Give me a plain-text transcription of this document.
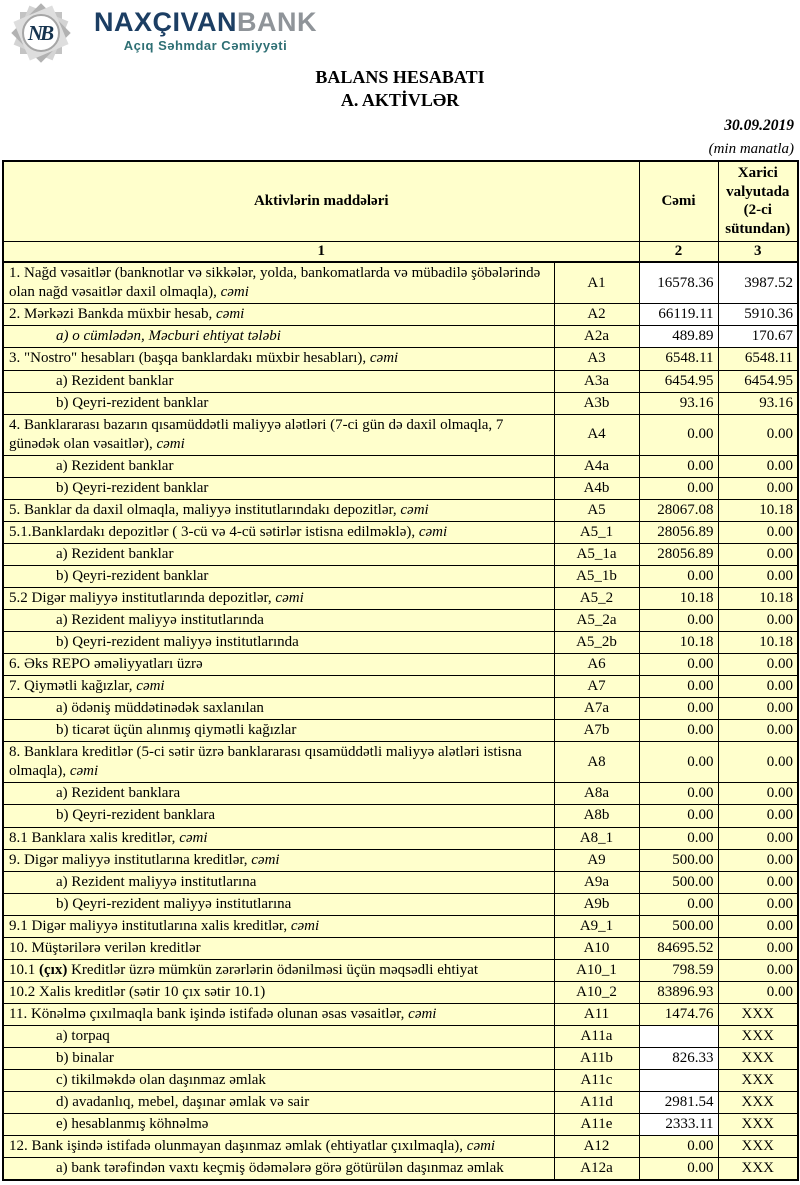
NB	NAXÇIVANBANK
Açıq Səhmdar Cəmiyyəti
BALANS HESABATI
A. AKTİVLƏR
30.09.2019
(min manatla)
Aktivlərin maddələri		Cəmi	Xarici valyutada (2-ci sütundan)
1		2	3
1. Nağd vəsaitlər (banknotlar və sikkələr, yolda, bankomatlarda və mübadilə şöbələrində olan nağd vəsaitlər daxil olmaqla), cəmi	A1	16578.36	3987.52
2. Mərkəzi Bankda müxbir hesab, cəmi	A2	66119.11	5910.36
a) o cümlədən, Məcburi ehtiyat tələbi	A2a	489.89	170.67
3. "Nostro" hesabları (başqa banklardakı müxbir hesabları), cəmi	A3	6548.11	6548.11
a) Rezident banklar	A3a	6454.95	6454.95
b) Qeyri-rezident banklar	A3b	93.16	93.16
4. Banklararası bazarın qısamüddətli maliyyə alətləri (7-ci gün də daxil olmaqla, 7 günədək olan vəsaitlər), cəmi	A4	0.00	0.00
a) Rezident banklar	A4a	0.00	0.00
b) Qeyri-rezident banklar	A4b	0.00	0.00
5. Banklar da daxil olmaqla, maliyyə institutlarındakı depozitlər, cəmi	A5	28067.08	10.18
5.1.Banklardakı depozitlər ( 3-cü və 4-cü sətirlər istisna edilməklə), cəmi	A5_1	28056.89	0.00
a) Rezident banklar	A5_1a	28056.89	0.00
b) Qeyri-rezident banklar	A5_1b	0.00	0.00
5.2 Digər maliyyə institutlarında depozitlər, cəmi	A5_2	10.18	10.18
a) Rezident maliyyə institutlarında	A5_2a	0.00	0.00
b) Qeyri-rezident maliyyə institutlarında	A5_2b	10.18	10.18
6. Əks REPO əməliyyatları üzrə	A6	0.00	0.00
7. Qiymətli kağızlar, cəmi	A7	0.00	0.00
a) ödəniş müddətinədək saxlanılan	A7a	0.00	0.00
b) ticarət üçün alınmış qiymətli kağızlar	A7b	0.00	0.00
8. Banklara kreditlər (5-ci sətir üzrə banklararası qısamüddətli maliyyə alətləri istisna olmaqla), cəmi	A8	0.00	0.00
a) Rezident banklara	A8a	0.00	0.00
b) Qeyri-rezident banklara	A8b	0.00	0.00
8.1 Banklara xalis kreditlər, cəmi	A8_1	0.00	0.00
9. Digər maliyyə institutlarına kreditlər, cəmi	A9	500.00	0.00
a) Rezident maliyyə institutlarına	A9a	500.00	0.00
b) Qeyri-rezident maliyyə institutlarına	A9b	0.00	0.00
9.1 Digər maliyyə institutlarına xalis kreditlər, cəmi	A9_1	500.00	0.00
10. Müştərilərə verilən kreditlər	A10	84695.52	0.00
10.1 (çıx) Kreditlər üzrə mümkün zərərlərin ödənilməsi üçün məqsədli ehtiyat	A10_1	798.59	0.00
10.2 Xalis kreditlər (sətir 10 çıx sətir 10.1)	A10_2	83896.93	0.00
11. Könəlmə çıxılmaqla bank işində istifadə olunan əsas vəsaitlər, cəmi	A11	1474.76	XXX
a) torpaq	A11a		XXX
b) binalar	A11b	826.33	XXX
c) tikilməkdə olan daşınmaz əmlak	A11c		XXX
d) avadanlıq, mebel, daşınar əmlak və sair	A11d	2981.54	XXX
e) hesablanmış köhnəlmə	A11e	2333.11	XXX
12. Bank işində istifadə olunmayan daşınmaz əmlak (ehtiyatlar çıxılmaqla), cəmi	A12	0.00	XXX
a) bank tərəfindən vaxtı keçmiş ödəmələrə görə götürülən daşınmaz əmlak	A12a	0.00	XXX
